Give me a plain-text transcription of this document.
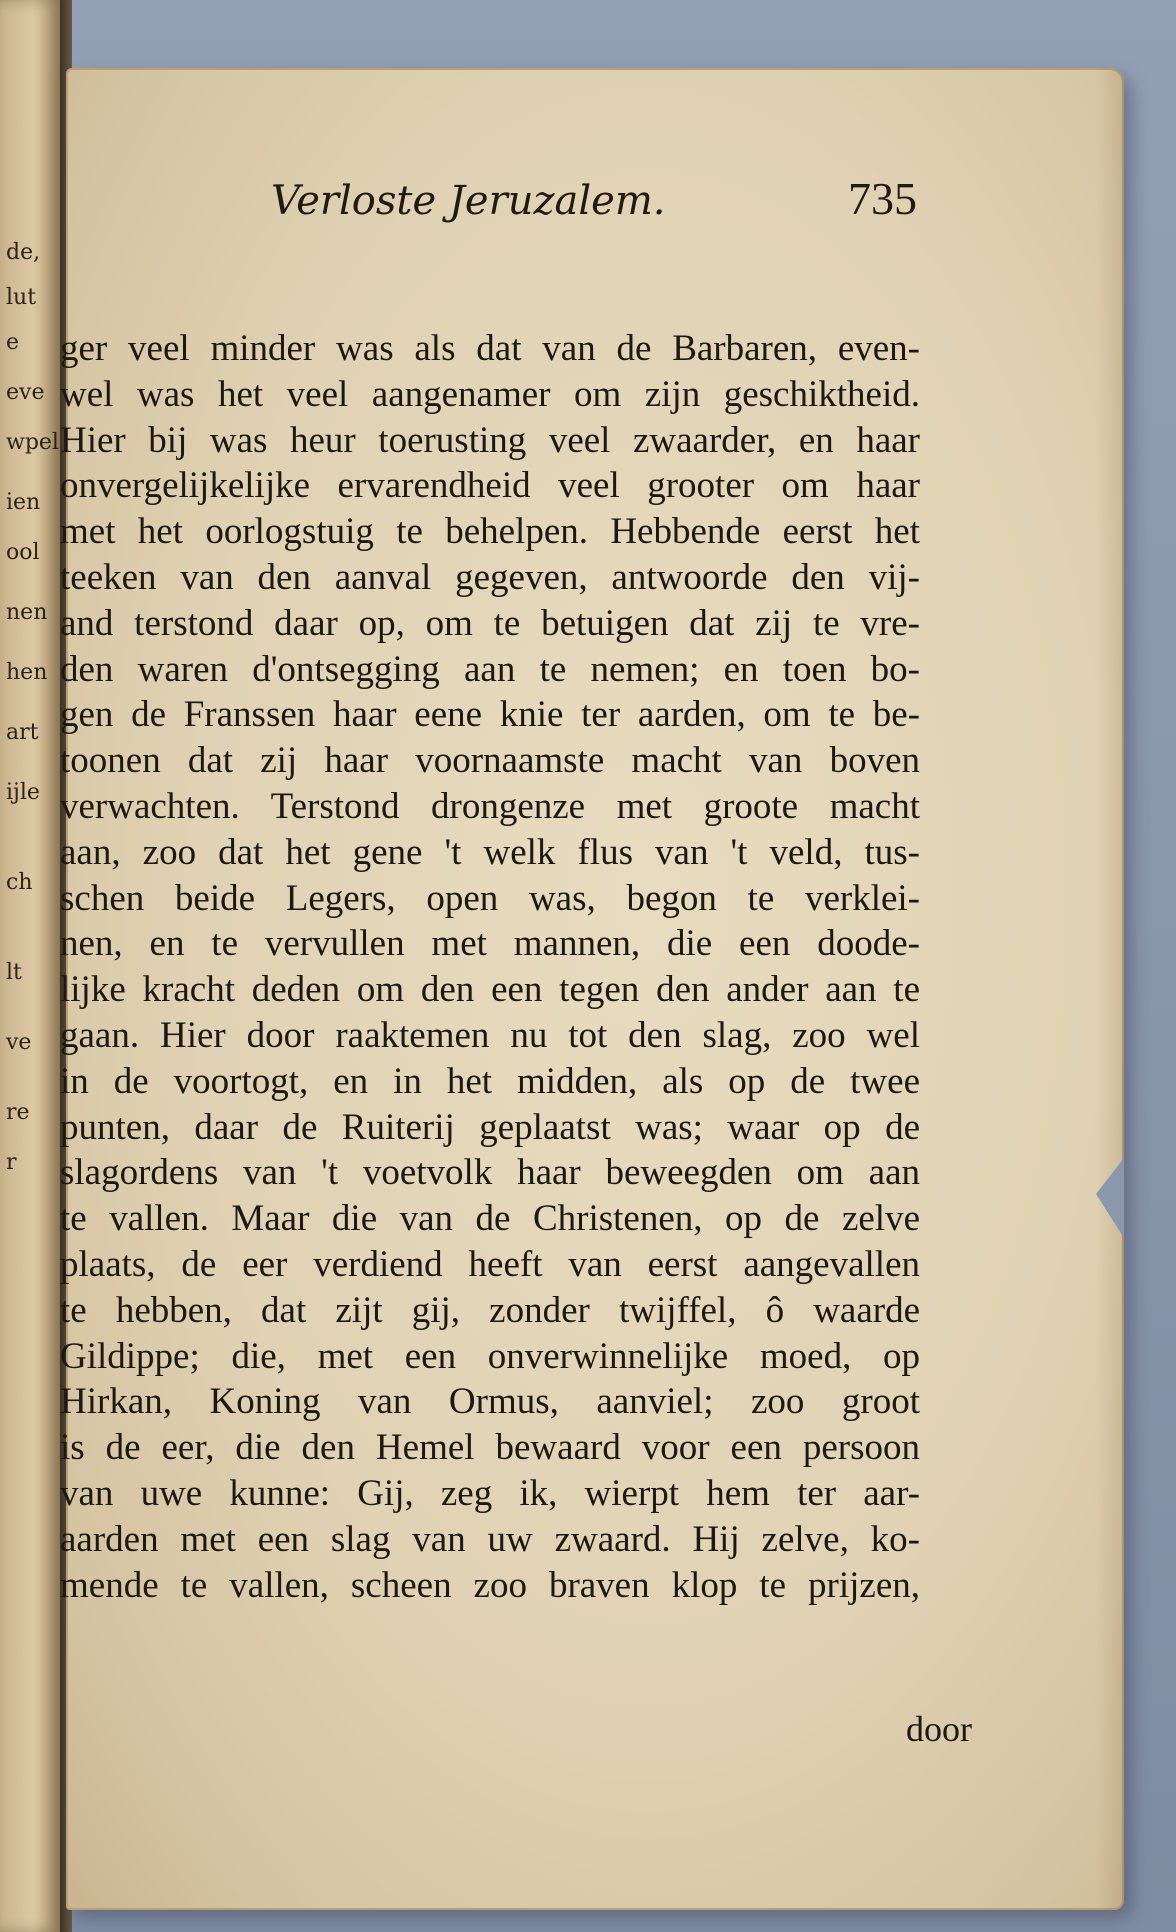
de,
lut
e
eve
wpel
ien
ool
nen
hen
art
ijle
ch
lt
ve
re
r
Verloste Jeruzalem.	735
ger veel minder was als dat van de Barbaren, even-
wel was het veel aangenamer om zijn geschiktheid.
Hier bij was heur toerusting veel zwaarder, en haar
onvergelijkelijke ervarendheid veel grooter om haar
met het oorlogstuig te behelpen. Hebbende eerst het
teeken van den aanval gegeven, antwoorde den vij-
and terstond daar op, om te betuigen dat zij te vre-
den waren d'ontsegging aan te nemen; en toen bo-
gen de Franssen haar eene knie ter aarden, om te be-
toonen dat zij haar voornaamste macht van boven
verwachten. Terstond drongenze met groote macht
aan, zoo dat het gene 't welk flus van 't veld, tus-
schen beide Legers, open was, begon te verklei-
nen, en te vervullen met mannen, die een doode-
lijke kracht deden om den een tegen den ander aan te
gaan. Hier door raaktemen nu tot den slag, zoo wel
in de voortogt, en in het midden, als op de twee
punten, daar de Ruiterij geplaatst was; waar op de
slagordens van 't voetvolk haar beweegden om aan
te vallen. Maar die van de Christenen, op de zelve
plaats, de eer verdiend heeft van eerst aangevallen
te hebben, dat zijt gij, zonder twijffel, ô waarde
Gildippe; die, met een onverwinnelijke moed, op
Hirkan, Koning van Ormus, aanviel; zoo groot
is de eer, die den Hemel bewaard voor een persoon
van uwe kunne: Gij, zeg ik, wierpt hem ter aar-
aarden met een slag van uw zwaard. Hij zelve, ko-
mende te vallen, scheen zoo braven klop te prijzen,
door
